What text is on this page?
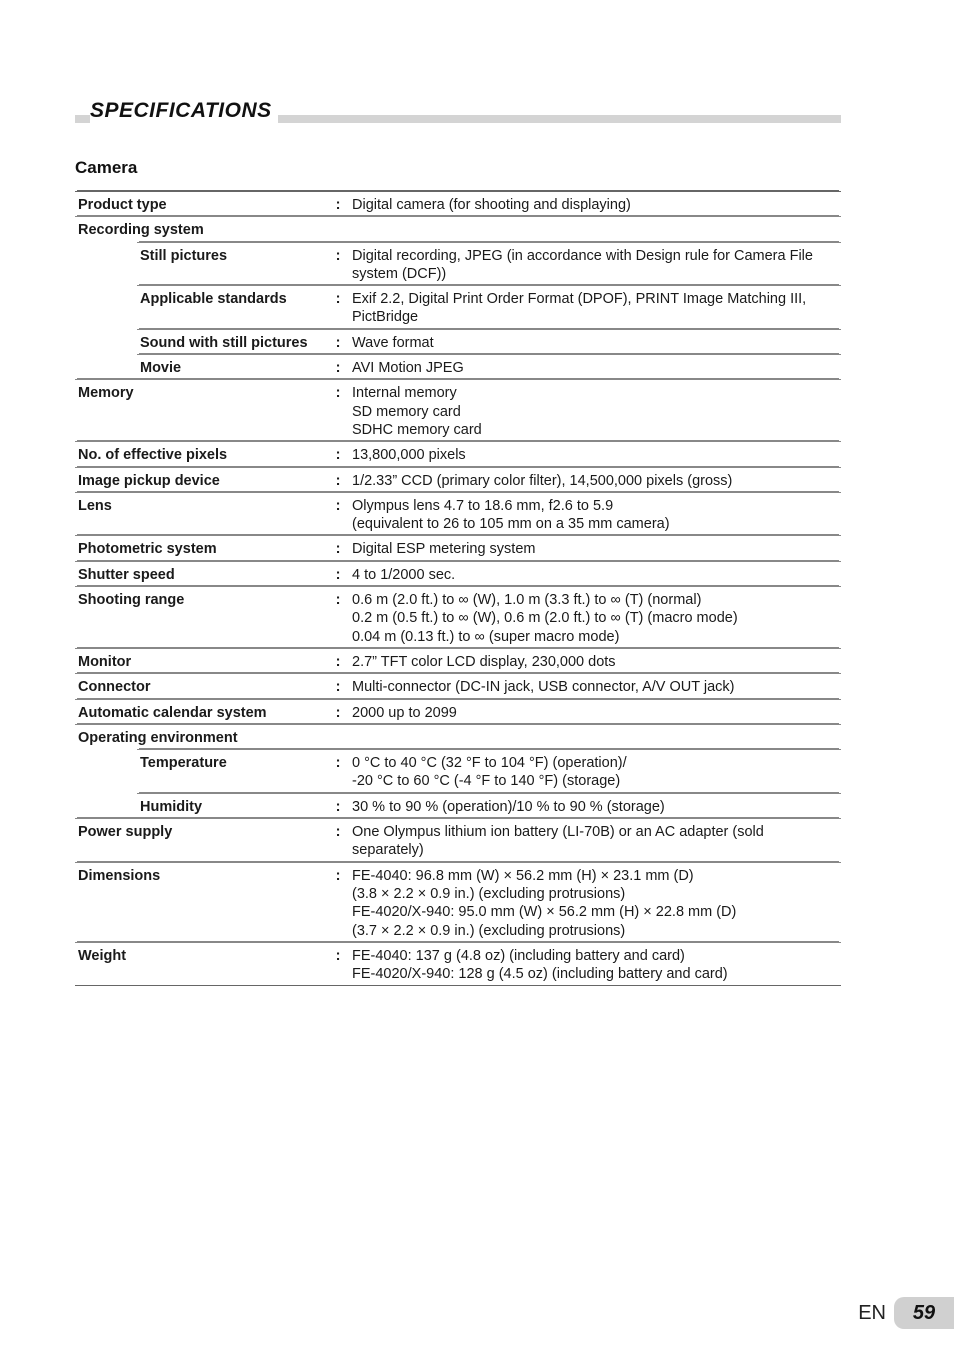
SPECIFICATIONS
Camera
Product type	: Digital camera (for shooting and displaying)
Recording system
Still pictures	: Digital recording, JPEG (in accordance with Design rule for Camera File system (DCF))
Applicable standards	: Exif 2.2, Digital Print Order Format (DPOF), PRINT Image Matching III, PictBridge
Sound with still pictures	: Wave format
Movie	: AVI Motion JPEG
Memory	: Internal memory
SD memory card
SDHC memory card
No. of effective pixels	: 13,800,000 pixels
Image pickup device	: 1/2.33” CCD (primary color filter), 14,500,000 pixels (gross)
Lens	: Olympus lens 4.7 to 18.6 mm, f2.6 to 5.9
(equivalent to 26 to 105 mm on a 35 mm camera)
Photometric system	: Digital ESP metering system
Shutter speed	: 4 to 1/2000 sec.
Shooting range	: 0.6 m (2.0 ft.) to ∞ (W), 1.0 m (3.3 ft.) to ∞ (T) (normal)
0.2 m (0.5 ft.) to ∞ (W), 0.6 m (2.0 ft.) to ∞ (T) (macro mode)
0.04 m (0.13 ft.) to ∞ (super macro mode)
Monitor	: 2.7” TFT color LCD display, 230,000 dots
Connector	: Multi-connector (DC-IN jack, USB connector, A/V OUT jack)
Automatic calendar system	: 2000 up to 2099
Operating environment
Temperature	: 0 °C to 40 °C (32 °F to 104 °F) (operation)/
-20 °C to 60 °C (-4 °F to 140 °F) (storage)
Humidity	: 30 % to 90 % (operation)/10 % to 90 % (storage)
Power supply	: One Olympus lithium ion battery (LI-70B) or an AC adapter (sold separately)
Dimensions	: FE-4040: 96.8 mm (W) × 56.2 mm (H) × 23.1 mm (D)
(3.8 × 2.2 × 0.9 in.) (excluding protrusions)
FE-4020/X-940: 95.0 mm (W) × 56.2 mm (H) × 22.8 mm (D)
(3.7 × 2.2 × 0.9 in.) (excluding protrusions)
Weight	: FE-4040: 137 g (4.8 oz) (including battery and card)
FE-4020/X-940: 128 g (4.5 oz) (including battery and card)
EN	59
